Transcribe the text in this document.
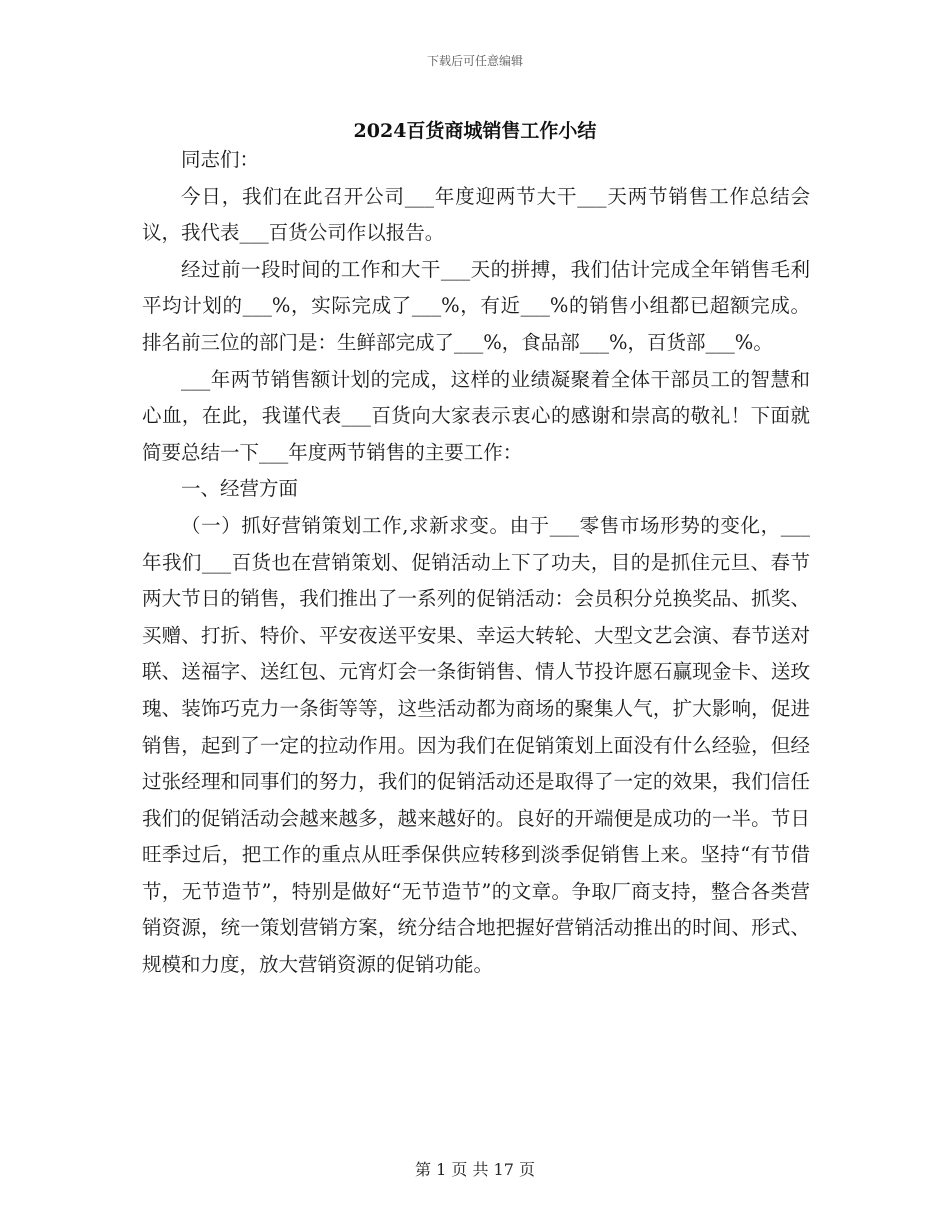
下载后可任意编辑
2024百货商城销售工作小结

同志们：

今日，我们在此召开公司___年度迎两节大干___天两节销售工作总结会议，我代表___百货公司作以报告。

经过前一段时间的工作和大干___天的拼搏，我们估计完成全年销售毛利平均计划的___%，实际完成了___%，有近___%的销售小组都已超额完成。排名前三位的部门是：生鲜部完成了___%，食品部___%，百货部___%。

___年两节销售额计划的完成，这样的业绩凝聚着全体干部员工的智慧和心血，在此，我谨代表___百货向大家表示衷心的感谢和崇高的敬礼！下面就简要总结一下___年度两节销售的主要工作：

一、经营方面

（一）抓好营销策划工作,求新求变。由于___零售市场形势的变化，___年我们___百货也在营销策划、促销活动上下了功夫，目的是抓住元旦、春节两大节日的销售，我们推出了一系列的促销活动：会员积分兑换奖品、抓奖、买赠、打折、特价、平安夜送平安果、幸运大转轮、大型文艺会演、春节送对联、送福字、送红包、元宵灯会一条街销售、情人节投许愿石赢现金卡、送玫瑰、装饰巧克力一条街等等，这些活动都为商场的聚集人气，扩大影响，促进销售，起到了一定的拉动作用。因为我们在促销策划上面没有什么经验，但经过张经理和同事们的努力，我们的促销活动还是取得了一定的效果，我们信任我们的促销活动会越来越多，越来越好的。良好的开端便是成功的一半。节日旺季过后，把工作的重点从旺季保供应转移到淡季促销售上来。坚持“有节借节，无节造节”，特别是做好“无节造节”的文章。争取厂商支持，整合各类营销资源，统一策划营销方案，统分结合地把握好营销活动推出的时间、形式、规模和力度，放大营销资源的促销功能。

第 1 页 共 17 页
